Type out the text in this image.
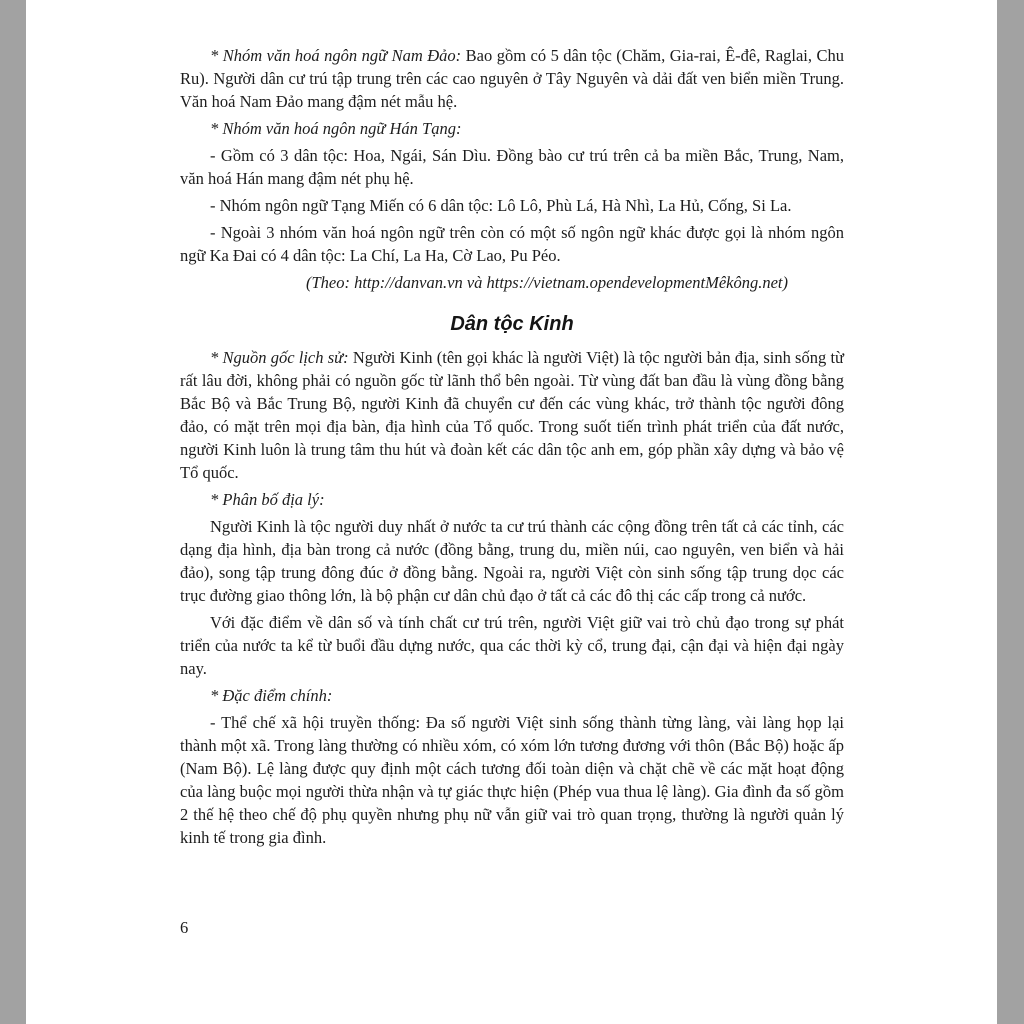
* Nhóm văn hoá ngôn ngữ Nam Đảo: Bao gồm có 5 dân tộc (Chăm, Gia-rai, Ê-đê, Raglai, Chu Ru). Người dân cư trú tập trung trên các cao nguyên ở Tây Nguyên và dải đất ven biển miền Trung. Văn hoá Nam Đảo mang đậm nét mẫu hệ.

* Nhóm văn hoá ngôn ngữ Hán Tạng:

- Gồm có 3 dân tộc: Hoa, Ngái, Sán Dìu. Đồng bào cư trú trên cả ba miền Bắc, Trung, Nam, văn hoá Hán mang đậm nét phụ hệ.

- Nhóm ngôn ngữ Tạng Miến có 6 dân tộc: Lô Lô, Phù Lá, Hà Nhì, La Hủ, Cống, Si La.

- Ngoài 3 nhóm văn hoá ngôn ngữ trên còn có một số ngôn ngữ khác được gọi là nhóm ngôn ngữ Ka Đai có 4 dân tộc: La Chí, La Ha, Cờ Lao, Pu Péo.

(Theo: http://danvan.vn và https://vietnam.opendevelopmentMêkông.net)

Dân tộc Kinh

* Nguồn gốc lịch sử: Người Kinh (tên gọi khác là người Việt) là tộc người bản địa, sinh sống từ rất lâu đời, không phải có nguồn gốc từ lãnh thổ bên ngoài. Từ vùng đất ban đầu là vùng đồng bằng Bắc Bộ và Bắc Trung Bộ, người Kinh đã chuyển cư đến các vùng khác, trở thành tộc người đông đảo, có mặt trên mọi địa bàn, địa hình của Tổ quốc. Trong suốt tiến trình phát triển của đất nước, người Kinh luôn là trung tâm thu hút và đoàn kết các dân tộc anh em, góp phần xây dựng và bảo vệ Tổ quốc.

* Phân bố địa lý:

Người Kinh là tộc người duy nhất ở nước ta cư trú thành các cộng đồng trên tất cả các tỉnh, các dạng địa hình, địa bàn trong cả nước (đồng bằng, trung du, miền núi, cao nguyên, ven biển và hải đảo), song tập trung đông đúc ở đồng bằng. Ngoài ra, người Việt còn sinh sống tập trung dọc các trục đường giao thông lớn, là bộ phận cư dân chủ đạo ở tất cả các đô thị các cấp trong cả nước.

Với đặc điểm về dân số và tính chất cư trú trên, người Việt giữ vai trò chủ đạo trong sự phát triển của nước ta kể từ buổi đầu dựng nước, qua các thời kỳ cổ, trung đại, cận đại và hiện đại ngày nay.

* Đặc điểm chính:

- Thể chế xã hội truyền thống: Đa số người Việt sinh sống thành từng làng, vài làng họp lại thành một xã. Trong làng thường có nhiều xóm, có xóm lớn tương đương với thôn (Bắc Bộ) hoặc ấp (Nam Bộ). Lệ làng được quy định một cách tương đối toàn diện và chặt chẽ về các mặt hoạt động của làng buộc mọi người thừa nhận và tự giác thực hiện (Phép vua thua lệ làng). Gia đình đa số gồm 2 thế hệ theo chế độ phụ quyền nhưng phụ nữ vẫn giữ vai trò quan trọng, thường là người quản lý kinh tế trong gia đình.

6
